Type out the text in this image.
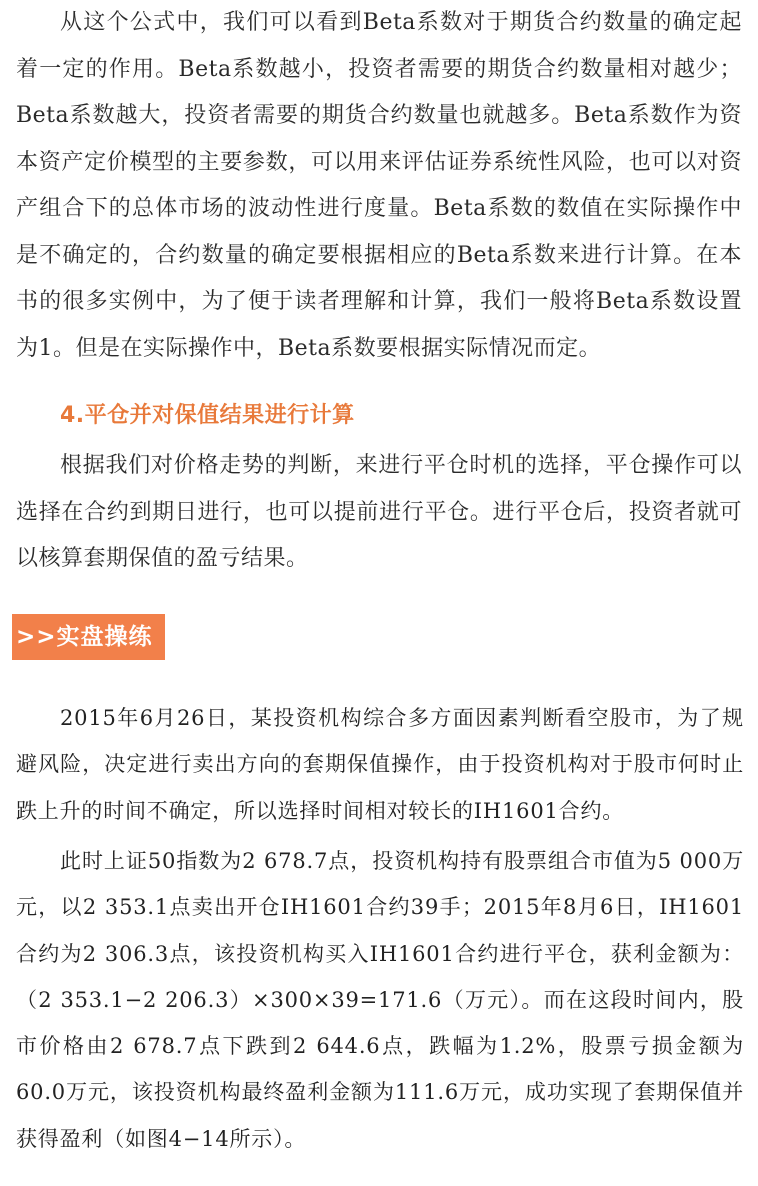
从这个公式中，我们可以看到Beta系数对于期货合约数量的确定起着一定的作用。Beta系数越小，投资者需要的期货合约数量相对越少；Beta系数越大，投资者需要的期货合约数量也就越多。Beta系数作为资本资产定价模型的主要参数，可以用来评估证券系统性风险，也可以对资产组合下的总体市场的波动性进行度量。Beta系数的数值在实际操作中是不确定的，合约数量的确定要根据相应的Beta系数来进行计算。在本书的很多实例中，为了便于读者理解和计算，我们一般将Beta系数设置为1。但是在实际操作中，Beta系数要根据实际情况而定。

4.平仓并对保值结果进行计算

根据我们对价格走势的判断，来进行平仓时机的选择，平仓操作可以选择在合约到期日进行，也可以提前进行平仓。进行平仓后，投资者就可以核算套期保值的盈亏结果。

>>实盘操练

2015年6月26日，某投资机构综合多方面因素判断看空股市，为了规避风险，决定进行卖出方向的套期保值操作，由于投资机构对于股市何时止跌上升的时间不确定，所以选择时间相对较长的IH1601合约。

此时上证50指数为2 678.7点，投资机构持有股票组合市值为5 000万元，以2 353.1点卖出开仓IH1601合约39手；2015年8月6日，IH1601合约为2 306.3点，该投资机构买入IH1601合约进行平仓，获利金额为：（2 353.1−2 206.3）×300×39=171.6（万元）。而在这段时间内，股市价格由2 678.7点下跌到2 644.6点，跌幅为1.2%，股票亏损金额为60.0万元，该投资机构最终盈利金额为111.6万元，成功实现了套期保值并获得盈利（如图4−14所示）。
